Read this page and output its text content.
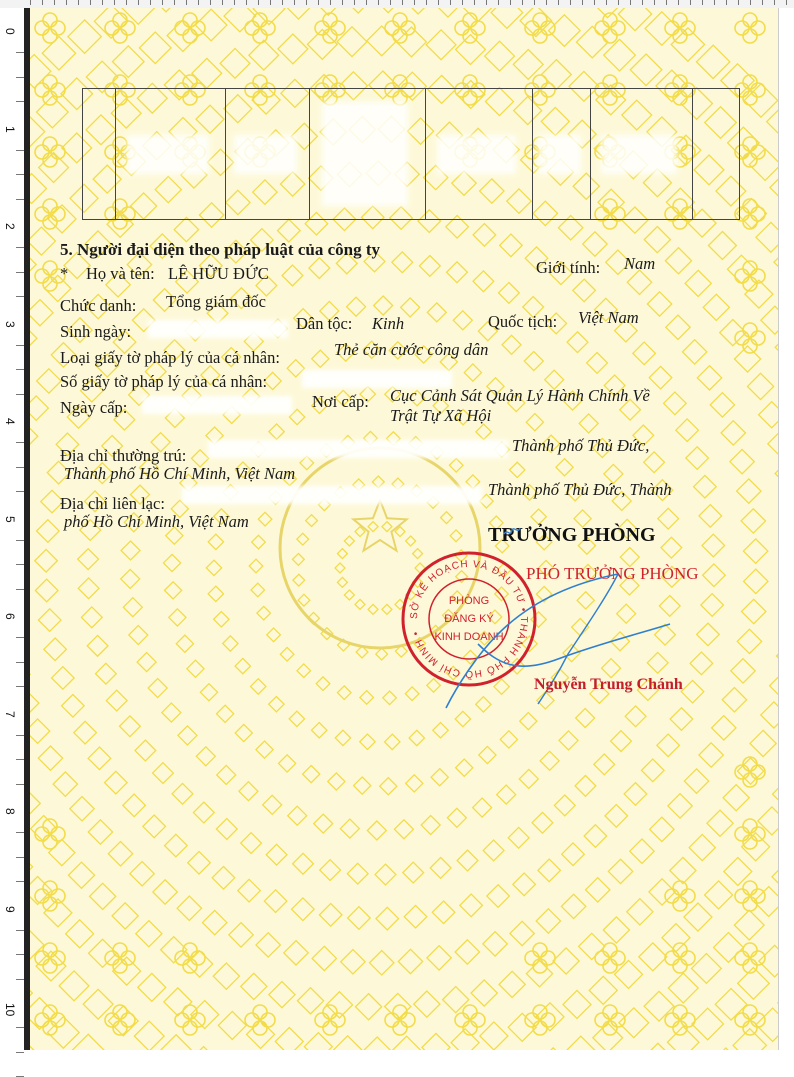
0
1
2
3
4
5
6
7
8
9
10
5. Người đại diện theo pháp luật của công ty
* Họ và tên: LÊ HỮU ĐỨC	Giới tính: Nam
Chức danh: Tổng giám đốc
Sinh ngày:	Dân tộc: Kinh	Quốc tịch: Việt Nam
Loại giấy tờ pháp lý của cá nhân:	Thẻ căn cước công dân
Số giấy tờ pháp lý của cá nhân:
Ngày cấp:	Nơi cấp: Cục Cảnh Sát Quản Lý Hành Chính Về
Trật Tự Xã Hội
Địa chỉ thường trú:
Thành phố Thủ Đức,
Thành phố Hồ Chí Minh, Việt Nam
Địa chỉ liên lạc:
Thành phố Thủ Đức, Thành
phố Hồ Chí Minh, Việt Nam
TRƯỞNG PHÒNG
PHÓ TRƯỞNG PHÒNG
SỞ KẾ HOẠCH VÀ ĐẦU TƯ • THÀNH PHỐ HỒ CHÍ MINH •
PHÒNG
ĐĂNG KÝ
KINH DOANH
Nguyễn Trung Chánh
